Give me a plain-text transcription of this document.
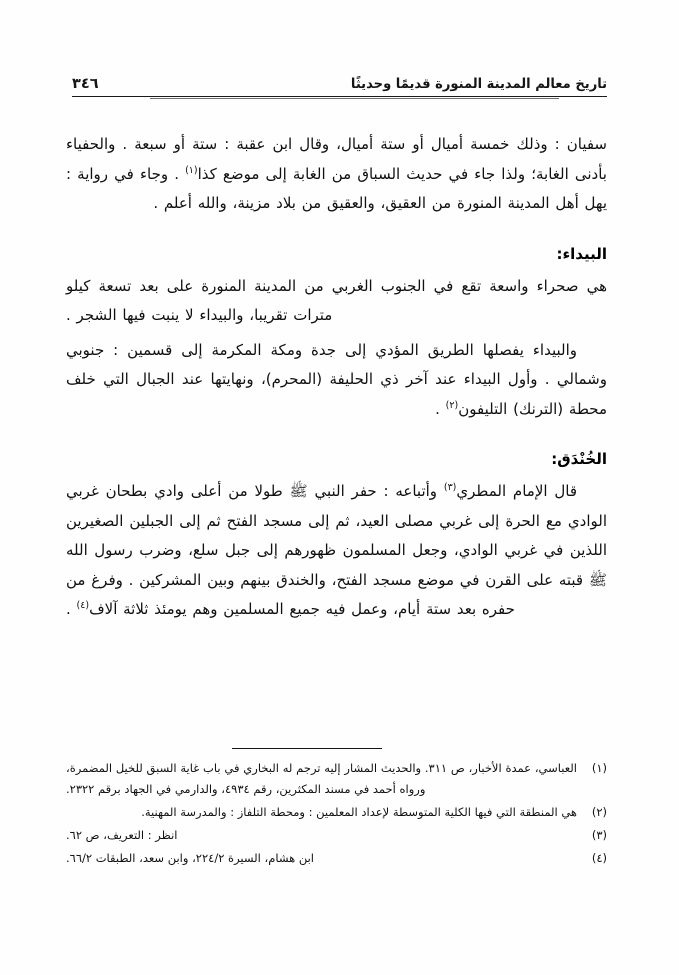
تاريخ معالم المدينة المنورة قديمًا وحديثًا
٣٤٦

سفيان : وذلك خمسة أميال أو ستة أميال، وقال ابن عقبة : ستة أو سبعة . والحفياء بأدنى الغابة؛ ولذا جاء في حديث السباق من الغابة إلى موضع كذا$^{(١)}$ . وجاء في رواية : يهل أهل المدينة المنورة من العقيق، والعقيق من بلاد مزينة، والله أعلم .

البيداء:

هي صحراء واسعة تقع في الجنوب الغربي من المدينة المنورة على بعد تسعة كيلو مترات تقريبا، والبيداء لا ينبت فيها الشجر .

والبيداء يفصلها الطريق المؤدي إلى جدة ومكة المكرمة إلى قسمين : جنوبي وشمالي . وأول البيداء عند آخر ذي الحليفة (المحرم)، ونهايتها عند الجبال التي خلف محطة (الترنك) التليفون$^{(٢)}$ .

الخُنْدَق:

قال الإمام المطري$^{(٣)}$ وأتباعه : حفر النبي ﷺ طولا من أعلى وادي بطحان غربي الوادي مع الحرة إلى غربي مصلى العيد، ثم إلى مسجد الفتح ثم إلى الجبلين الصغيرين اللذين في غربي الوادي، وجعل المسلمون ظهورهم إلى جبل سلع، وضرب رسول الله ﷺ قبته على القرن في موضع مسجد الفتح، والخندق بينهم وبين المشركين . وفرغ من حفره بعد ستة أيام، وعمل فيه جميع المسلمين وهم يومئذ ثلاثة آلاف$^{(٤)}$ .

(١)
العباسي، عمدة الأخبار، ص ٣١١. والحديث المشار إليه ترجم له البخاري في باب غاية السبق للخيل المضمرة، ورواه أحمد في مسند المكثرين، رقم ٤٩٣٤، والدارمي في الجهاد برقم ٢٣٢٢.
(٢)
هي المنطقة التي فيها الكلية المتوسطة لإعداد المعلمين : ومحطة التلفاز : والمدرسة المهنية.
(٣)
انظر : التعريف، ص ٦٢.
(٤)
ابن هشام، السيرة ٢٢٤/٢، وابن سعد، الطبقات ٦٦/٢.
